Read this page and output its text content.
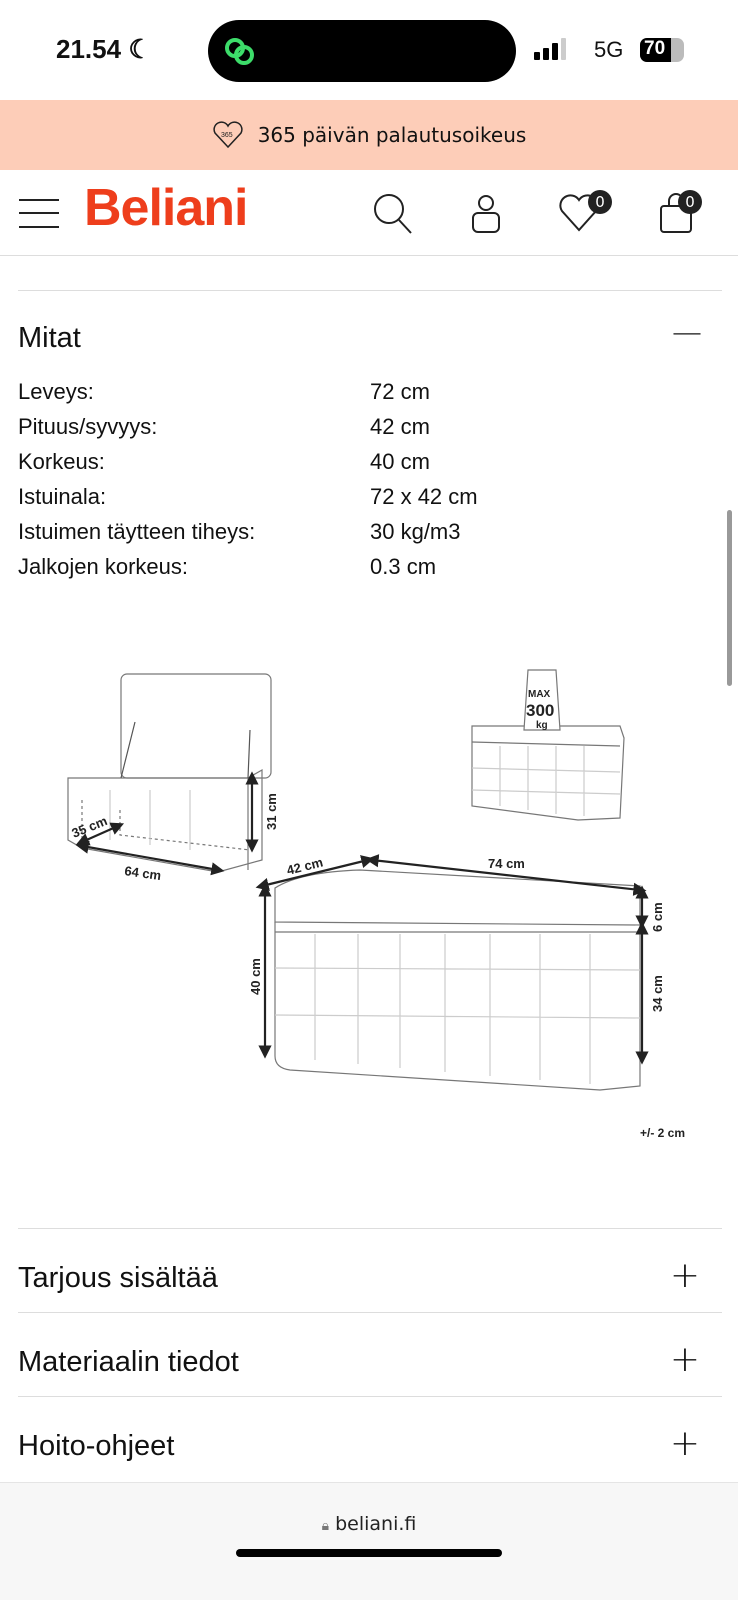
21.54 ☾	5G 70
365 365 päivän palautusoikeus
Beliani	0	0
Mitat	—
Leveys:	72 cm
Pituus/syvyys:	42 cm
Korkeus:	40 cm
Istuinala:	72 x 42 cm
Istuimen täytteen tiheys:	30 kg/m3
Jalkojen korkeus:	0.3 cm
35 cm
64 cm
31 cm
MAX
300
kg
42 cm	74 cm
40 cm
6 cm
34 cm
+/- 2 cm
Tarjous sisältää	+
Materiaalin tiedot	+
Hoito-ohjeet	+
🔒︎ beliani.fi
